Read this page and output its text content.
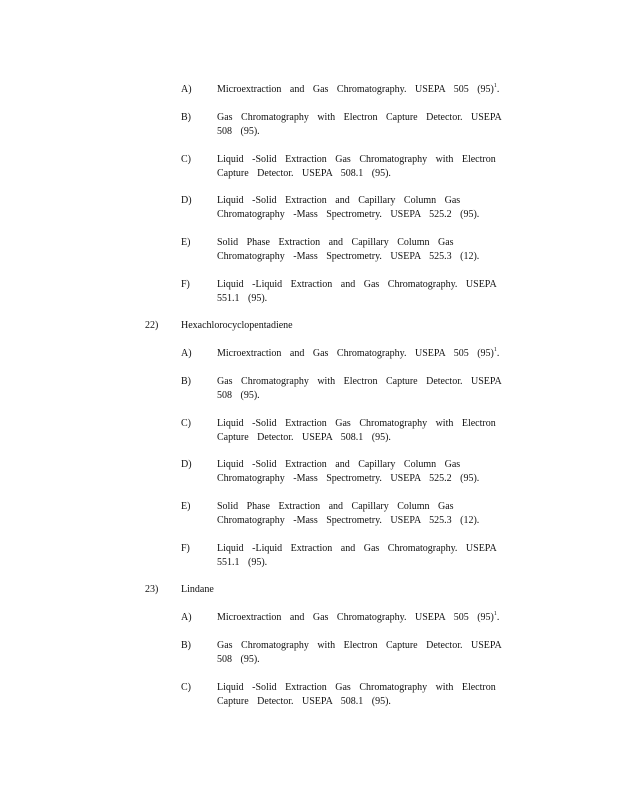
A)	Microextraction and Gas Chromatography. USEPA 505 $(95)^1$.
B)	Gas Chromatography with Electron Capture Detector. USEPA
508 (95).
C)	Liquid -Solid Extraction Gas Chromatography with Electron
Capture Detector. USEPA 508.1 (95).
D)	Liquid -Solid Extraction and Capillary Column Gas
Chromatography -Mass Spectrometry. USEPA 525.2 (95).
E)	Solid Phase Extraction and Capillary Column Gas
Chromatography -Mass Spectrometry. USEPA 525.3 (12).
F)	Liquid -Liquid Extraction and Gas Chromatography. USEPA
551.1 (95).
22) Hexachlorocyclopentadiene
A)	Microextraction and Gas Chromatography. USEPA 505 $(95)^1$.
B)	Gas Chromatography with Electron Capture Detector. USEPA
508 (95).
C)	Liquid -Solid Extraction Gas Chromatography with Electron
Capture Detector. USEPA 508.1 (95).
D)	Liquid -Solid Extraction and Capillary Column Gas
Chromatography -Mass Spectrometry. USEPA 525.2 (95).
E)	Solid Phase Extraction and Capillary Column Gas
Chromatography -Mass Spectrometry. USEPA 525.3 (12).
F)	Liquid -Liquid Extraction and Gas Chromatography. USEPA
551.1 (95).
23) Lindane
A)	Microextraction and Gas Chromatography. USEPA 505 $(95)^1$.
B)	Gas Chromatography with Electron Capture Detector. USEPA
508 (95).
C)	Liquid -Solid Extraction Gas Chromatography with Electron
Capture Detector. USEPA 508.1 (95).
